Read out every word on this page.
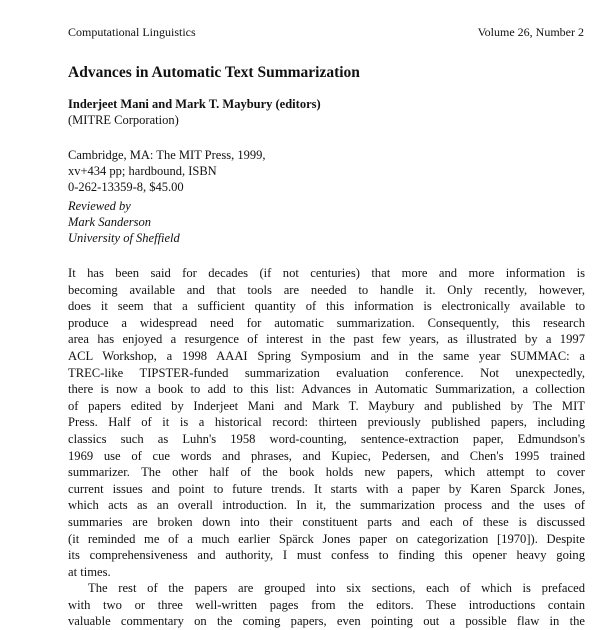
Computational Linguistics	Volume 26, Number 2
Advances in Automatic Text Summarization
Inderjeet Mani and Mark T. Maybury (editors)
(MITRE Corporation)
Cambridge, MA: The MIT Press, 1999,
xv+434 pp; hardbound, ISBN
0-262-13359-8, $45.00
Reviewed by
Mark Sanderson
University of Sheffield
It has been said for decades (if not centuries) that more and more information is
becoming available and that tools are needed to handle it. Only recently, however,
does it seem that a sufficient quantity of this information is electronically available to
produce a widespread need for automatic summarization. Consequently, this research
area has enjoyed a resurgence of interest in the past few years, as illustrated by a 1997
ACL Workshop, a 1998 AAAI Spring Symposium and in the same year SUMMAC: a
TREC-like TIPSTER-funded summarization evaluation conference. Not unexpectedly,
there is now a book to add to this list: Advances in Automatic Summarization, a collection
of papers edited by Inderjeet Mani and Mark T. Maybury and published by The MIT
Press. Half of it is a historical record: thirteen previously published papers, including
classics such as Luhn's 1958 word-counting, sentence-extraction paper, Edmundson's
1969 use of cue words and phrases, and Kupiec, Pedersen, and Chen's 1995 trained
summarizer. The other half of the book holds new papers, which attempt to cover
current issues and point to future trends. It starts with a paper by Karen Sparck Jones,
which acts as an overall introduction. In it, the summarization process and the uses of
summaries are broken down into their constituent parts and each of these is discussed
(it reminded me of a much earlier Spärck Jones paper on categorization [1970]). Despite
its comprehensiveness and authority, I must confess to finding this opener heavy going
at times.
The rest of the papers are grouped into six sections, each of which is prefaced
with two or three well-written pages from the editors. These introductions contain
valuable commentary on the coming papers, even pointing out a possible flaw in the
